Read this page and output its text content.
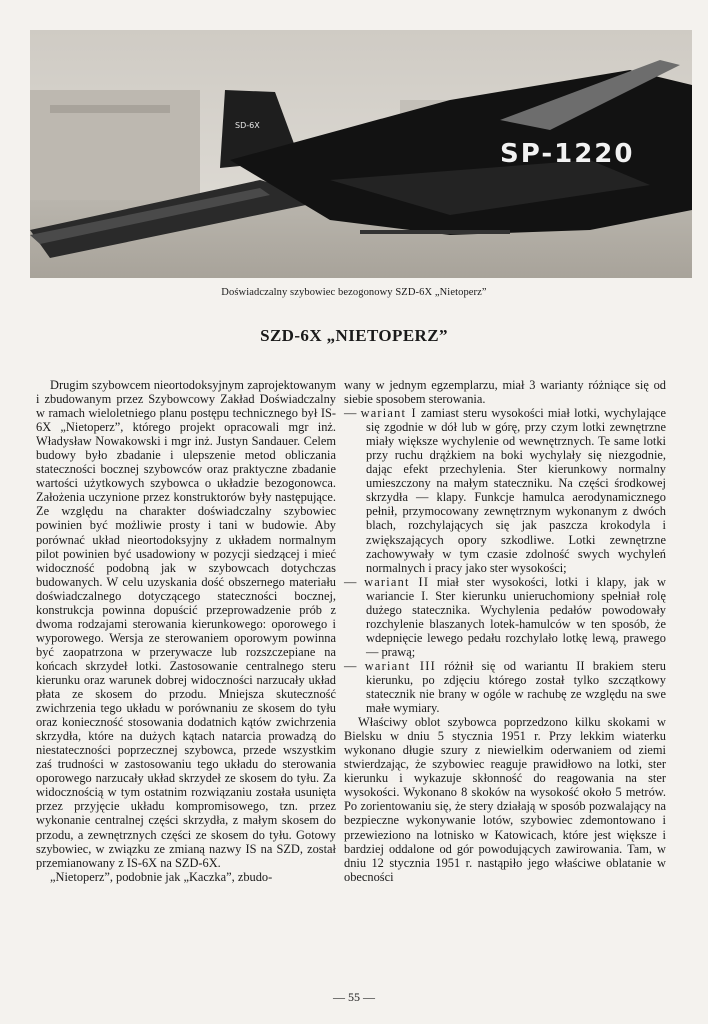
SP-1220
SD-6X
Doświadczalny szybowiec bezogonowy SZD-6X „Nietoperz”
SZD-6X „NIETOPERZ”

Drugim szybowcem nieortodoksyjnym zaprojektowanym i zbudowanym przez Szybowcowy Zakład Doświadczalny w ramach wieloletniego planu postępu technicznego był IS-6X „Nietoperz”, którego projekt opracowali mgr inż. Władysław Nowakowski i mgr inż. Justyn Sandauer. Celem budowy było zbadanie i ulepszenie metod obliczania stateczności bocznej szybowców oraz praktyczne zbadanie wartości użytkowych szybowca o układzie bezogonowca. Założenia uczynione przez konstruktorów były następujące. Ze względu na charakter doświadczalny szybowiec powinien być możliwie prosty i tani w budowie. Aby porównać układ nieortodoksyjny z układem normalnym pilot powinien być usadowiony w pozycji siedzącej i mieć widoczność podobną jak w szybowcach dotychczas budowanych. W celu uzyskania dość obszernego materiału doświadczalnego dotyczącego stateczności bocznej, konstrukcja powinna dopuścić przeprowadzenie prób z dwoma rodzajami sterowania kierunkowego: oporowego i wyporowego. Wersja ze sterowaniem oporowym powinna być zaopatrzona w przerywacze lub rozszczepiane na końcach skrzydeł lotki. Zastosowanie centralnego steru kierunku oraz warunek dobrej widoczności narzucały układ płata ze skosem do przodu. Mniejsza skuteczność zwichrzenia tego układu w porównaniu ze skosem do tyłu oraz konieczność stosowania dodatnich kątów zwichrzenia skrzydła, które na dużych kątach natarcia prowadzą do niestateczności poprzecznej szybowca, przede wszystkim zaś trudności w zastosowaniu tego układu do sterowania oporowego narzucały układ skrzydeł ze skosem do tyłu. Za widocznością w tym ostatnim rozwiązaniu została usunięta przez przyjęcie układu kompromisowego, tzn. przez wykonanie centralnej części skrzydła, z małym skosem do przodu, a zewnętrznych części ze skosem do tyłu. Gotowy szybowiec, w związku ze zmianą nazwy IS na SZD, został przemianowany z IS-6X na SZD-6X.

„Nietoperz”, podobnie jak „Kaczka”, zbudo-

wany w jednym egzemplarzu, miał 3 warianty różniące się od siebie sposobem sterowania.

— wariant I zamiast steru wysokości miał lotki, wychylające się zgodnie w dół lub w górę, przy czym lotki zewnętrzne miały większe wychylenie od wewnętrznych. Te same lotki przy ruchu drążkiem na boki wychylały się niezgodnie, dając efekt przechylenia. Ster kierunkowy normalny umieszczony na małym stateczniku. Na części środkowej skrzydła — klapy. Funkcje hamulca aerodynamicznego pełnił, przymocowany zewnętrznym wykonanym z dwóch blach, rozchylających się jak paszcza krokodyla i zwiększających opory szkodliwe. Lotki zewnętrzne zachowywały w tym czasie zdolność swych wychyleń normalnych i pracy jako ster wysokości;

— wariant II miał ster wysokości, lotki i klapy, jak w wariancie I. Ster kierunku unieruchomiony spełniał rolę dużego statecznika. Wychylenia pedałów powodowały rozchylenie blaszanych lotek-hamulców w ten sposób, że wdepnięcie lewego pedału rozchylało lotkę lewą, prawego — prawą;

— wariant III różnił się od wariantu II brakiem steru kierunku, po zdjęciu którego został tylko szczątkowy statecznik nie brany w ogóle w rachubę ze względu na swe małe wymiary.

Właściwy oblot szybowca poprzedzono kilku skokami w Bielsku w dniu 5 stycznia 1951 r. Przy lekkim wiaterku wykonano długie szury z niewielkim oderwaniem od ziemi stwierdzając, że szybowiec reaguje prawidłowo na lotki, ster kierunku i wykazuje skłonność do reagowania na ster wysokości. Wykonano 8 skoków na wysokość około 5 metrów. Po zorientowaniu się, że stery działają w sposób pozwalający na bezpieczne wykonywanie lotów, szybowiec zdemontowano i przewieziono na lotnisko w Katowicach, które jest większe i bardziej oddalone od gór powodujących zawirowania. Tam, w dniu 12 stycznia 1951 r. nastąpiło jego właściwe oblatanie w obecności

— 55 —
